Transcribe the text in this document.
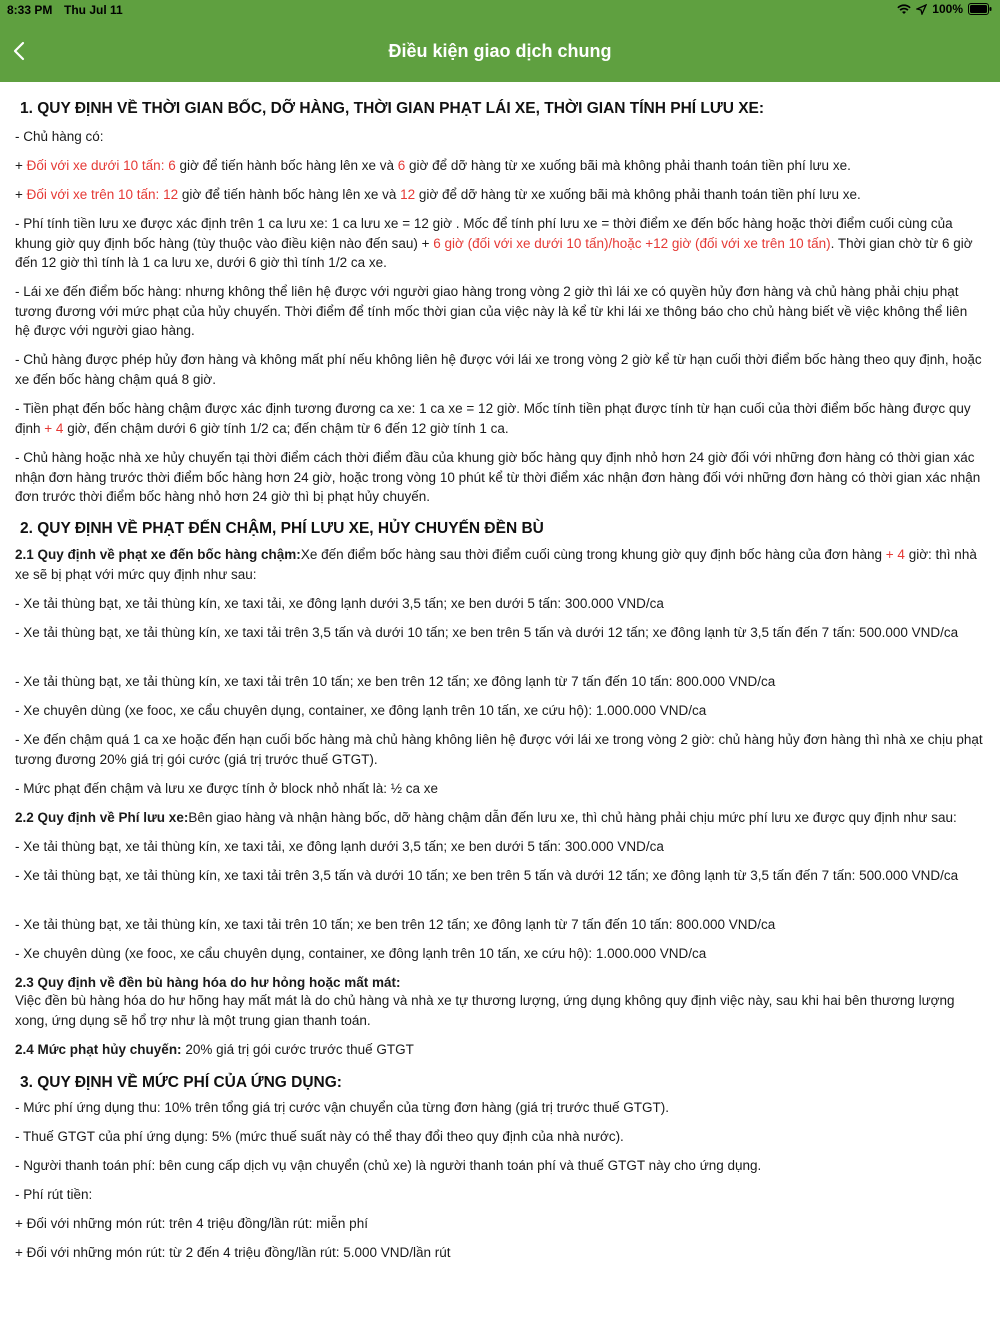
8:33 PM Thu Jul 11	100%
Điều kiện giao dịch chung
1. QUY ĐỊNH VỀ THỜI GIAN BỐC, DỠ HÀNG, THỜI GIAN PHẠT LÁI XE, THỜI GIAN TÍNH PHÍ LƯU XE:

- Chủ hàng có:

+ Đối với xe dưới 10 tấn: 6 giờ để tiến hành bốc hàng lên xe và 6 giờ để dỡ hàng từ xe xuống bãi mà không phải thanh toán tiền phí lưu xe.

+ Đối với xe trên 10 tấn: 12 giờ để tiến hành bốc hàng lên xe và 12 giờ để dỡ hàng từ xe xuống bãi mà không phải thanh toán tiền phí lưu xe.

- Phí tính tiền lưu xe được xác định trên 1 ca lưu xe: 1 ca lưu xe = 12 giờ . Mốc để tính phí lưu xe = thời điểm xe đến bốc hàng hoặc thời điểm cuối cùng của khung giờ quy định bốc hàng (tùy thuộc vào điều kiện nào đến sau) + 6 giờ (đối với xe dưới 10 tấn)/hoặc +12 giờ (đối với xe trên 10 tấn). Thời gian chờ từ 6 giờ đến 12 giờ thì tính là 1 ca lưu xe, dưới 6 giờ thì tính 1/2 ca xe.

- Lái xe đến điểm bốc hàng: nhưng không thể liên hệ được với người giao hàng trong vòng 2 giờ thì lái xe có quyền hủy đơn hàng và chủ hàng phải chịu phạt tương đương với mức phạt của hủy chuyến. Thời điểm để tính mốc thời gian của việc này là kể từ khi lái xe thông báo cho chủ hàng biết về việc không thể liên hệ được với người giao hàng.

- Chủ hàng được phép hủy đơn hàng và không mất phí nếu không liên hệ được với lái xe trong vòng 2 giờ kể từ hạn cuối thời điểm bốc hàng theo quy định, hoặc xe đến bốc hàng chậm quá 8 giờ.

- Tiền phạt đến bốc hàng chậm được xác định tương đương ca xe: 1 ca xe = 12 giờ. Mốc tính tiền phạt được tính từ hạn cuối của thời điểm bốc hàng được quy định + 4 giờ, đến chậm dưới 6 giờ tính 1/2 ca; đến chậm từ 6 đến 12 giờ tính 1 ca.

- Chủ hàng hoặc nhà xe hủy chuyến tại thời điểm cách thời điểm đầu của khung giờ bốc hàng quy định nhỏ hơn 24 giờ đối với những đơn hàng có thời gian xác nhận đơn hàng trước thời điểm bốc hàng hơn 24 giờ, hoặc trong vòng 10 phút kể từ thời điểm xác nhận đơn hàng đối với những đơn hàng có thời gian xác nhận đơn trước thời điểm bốc hàng nhỏ hơn 24 giờ thì bị phạt hủy chuyến.

2. QUY ĐỊNH VỀ PHẠT ĐẾN CHẬM, PHÍ LƯU XE, HỦY CHUYẾN ĐỀN BÙ

2.1 Quy định về phạt xe đến bốc hàng chậm:Xe đến điểm bốc hàng sau thời điểm cuối cùng trong khung giờ quy định bốc hàng của đơn hàng + 4 giờ: thì nhà xe sẽ bị phạt với mức quy định như sau:

- Xe tải thùng bạt, xe tải thùng kín, xe taxi tải, xe đông lạnh dưới 3,5 tấn; xe ben dưới 5 tấn: 300.000 VND/ca

- Xe tải thùng bạt, xe tải thùng kín, xe taxi tải trên 3,5 tấn và dưới 10 tấn; xe ben trên 5 tấn và dưới 12 tấn; xe đông lạnh từ 3,5 tấn đến 7 tấn: 500.000 VND/ca

- Xe tải thùng bạt, xe tải thùng kín, xe taxi tải trên 10 tấn; xe ben trên 12 tấn; xe đông lạnh từ 7 tấn đến 10 tấn: 800.000 VND/ca

- Xe chuyên dùng (xe fooc, xe cẩu chuyên dụng, container, xe đông lạnh trên 10 tấn, xe cứu hộ): 1.000.000 VND/ca

- Xe đến chậm quá 1 ca xe hoặc đến hạn cuối bốc hàng mà chủ hàng không liên hệ được với lái xe trong vòng 2 giờ: chủ hàng hủy đơn hàng thì nhà xe chịu phạt tương đương 20% giá trị gói cước (giá trị trước thuế GTGT).

- Mức phạt đến chậm và lưu xe được tính ở block nhỏ nhất là: ½ ca xe

2.2 Quy định về Phí lưu xe:Bên giao hàng và nhận hàng bốc, dỡ hàng chậm dẫn đến lưu xe, thì chủ hàng phải chịu mức phí lưu xe được quy định như sau:

- Xe tải thùng bạt, xe tải thùng kín, xe taxi tải, xe đông lạnh dưới 3,5 tấn; xe ben dưới 5 tấn: 300.000 VND/ca

- Xe tải thùng bạt, xe tải thùng kín, xe taxi tải trên 3,5 tấn và dưới 10 tấn; xe ben trên 5 tấn và dưới 12 tấn; xe đông lạnh từ 3,5 tấn đến 7 tấn: 500.000 VND/ca

- Xe tải thùng bạt, xe tải thùng kín, xe taxi tải trên 10 tấn; xe ben trên 12 tấn; xe đông lạnh từ 7 tấn đến 10 tấn: 800.000 VND/ca

- Xe chuyên dùng (xe fooc, xe cẩu chuyên dụng, container, xe đông lạnh trên 10 tấn, xe cứu hộ): 1.000.000 VND/ca

2.3 Quy định về đền bù hàng hóa do hư hỏng hoặc mất mát:

Việc đền bù hàng hóa do hư hõng hay mất mát là do chủ hàng và nhà xe tự thương lượng, ứng dụng không quy định việc này, sau khi hai bên thương lượng xong, ứng dụng sẽ hổ trợ như là một trung gian thanh toán.

2.4 Mức phạt hủy chuyến: 20% giá trị gói cước trước thuế GTGT

3. QUY ĐỊNH VỀ MỨC PHÍ CỦA ỨNG DỤNG:

- Mức phí ứng dụng thu: 10% trên tổng giá trị cước vận chuyển của từng đơn hàng (giá trị trước thuế GTGT).

- Thuế GTGT của phí ứng dụng: 5% (mức thuế suất này có thể thay đổi theo quy định của nhà nước).

- Người thanh toán phí: bên cung cấp dịch vụ vận chuyển (chủ xe) là người thanh toán phí và thuế GTGT này cho ứng dụng.

- Phí rút tiền:

+ Đối với những món rút: trên 4 triệu đồng/lần rút: miễn phí

+ Đối với những món rút: từ 2 đến 4 triệu đồng/lần rút: 5.000 VND/lần rút
